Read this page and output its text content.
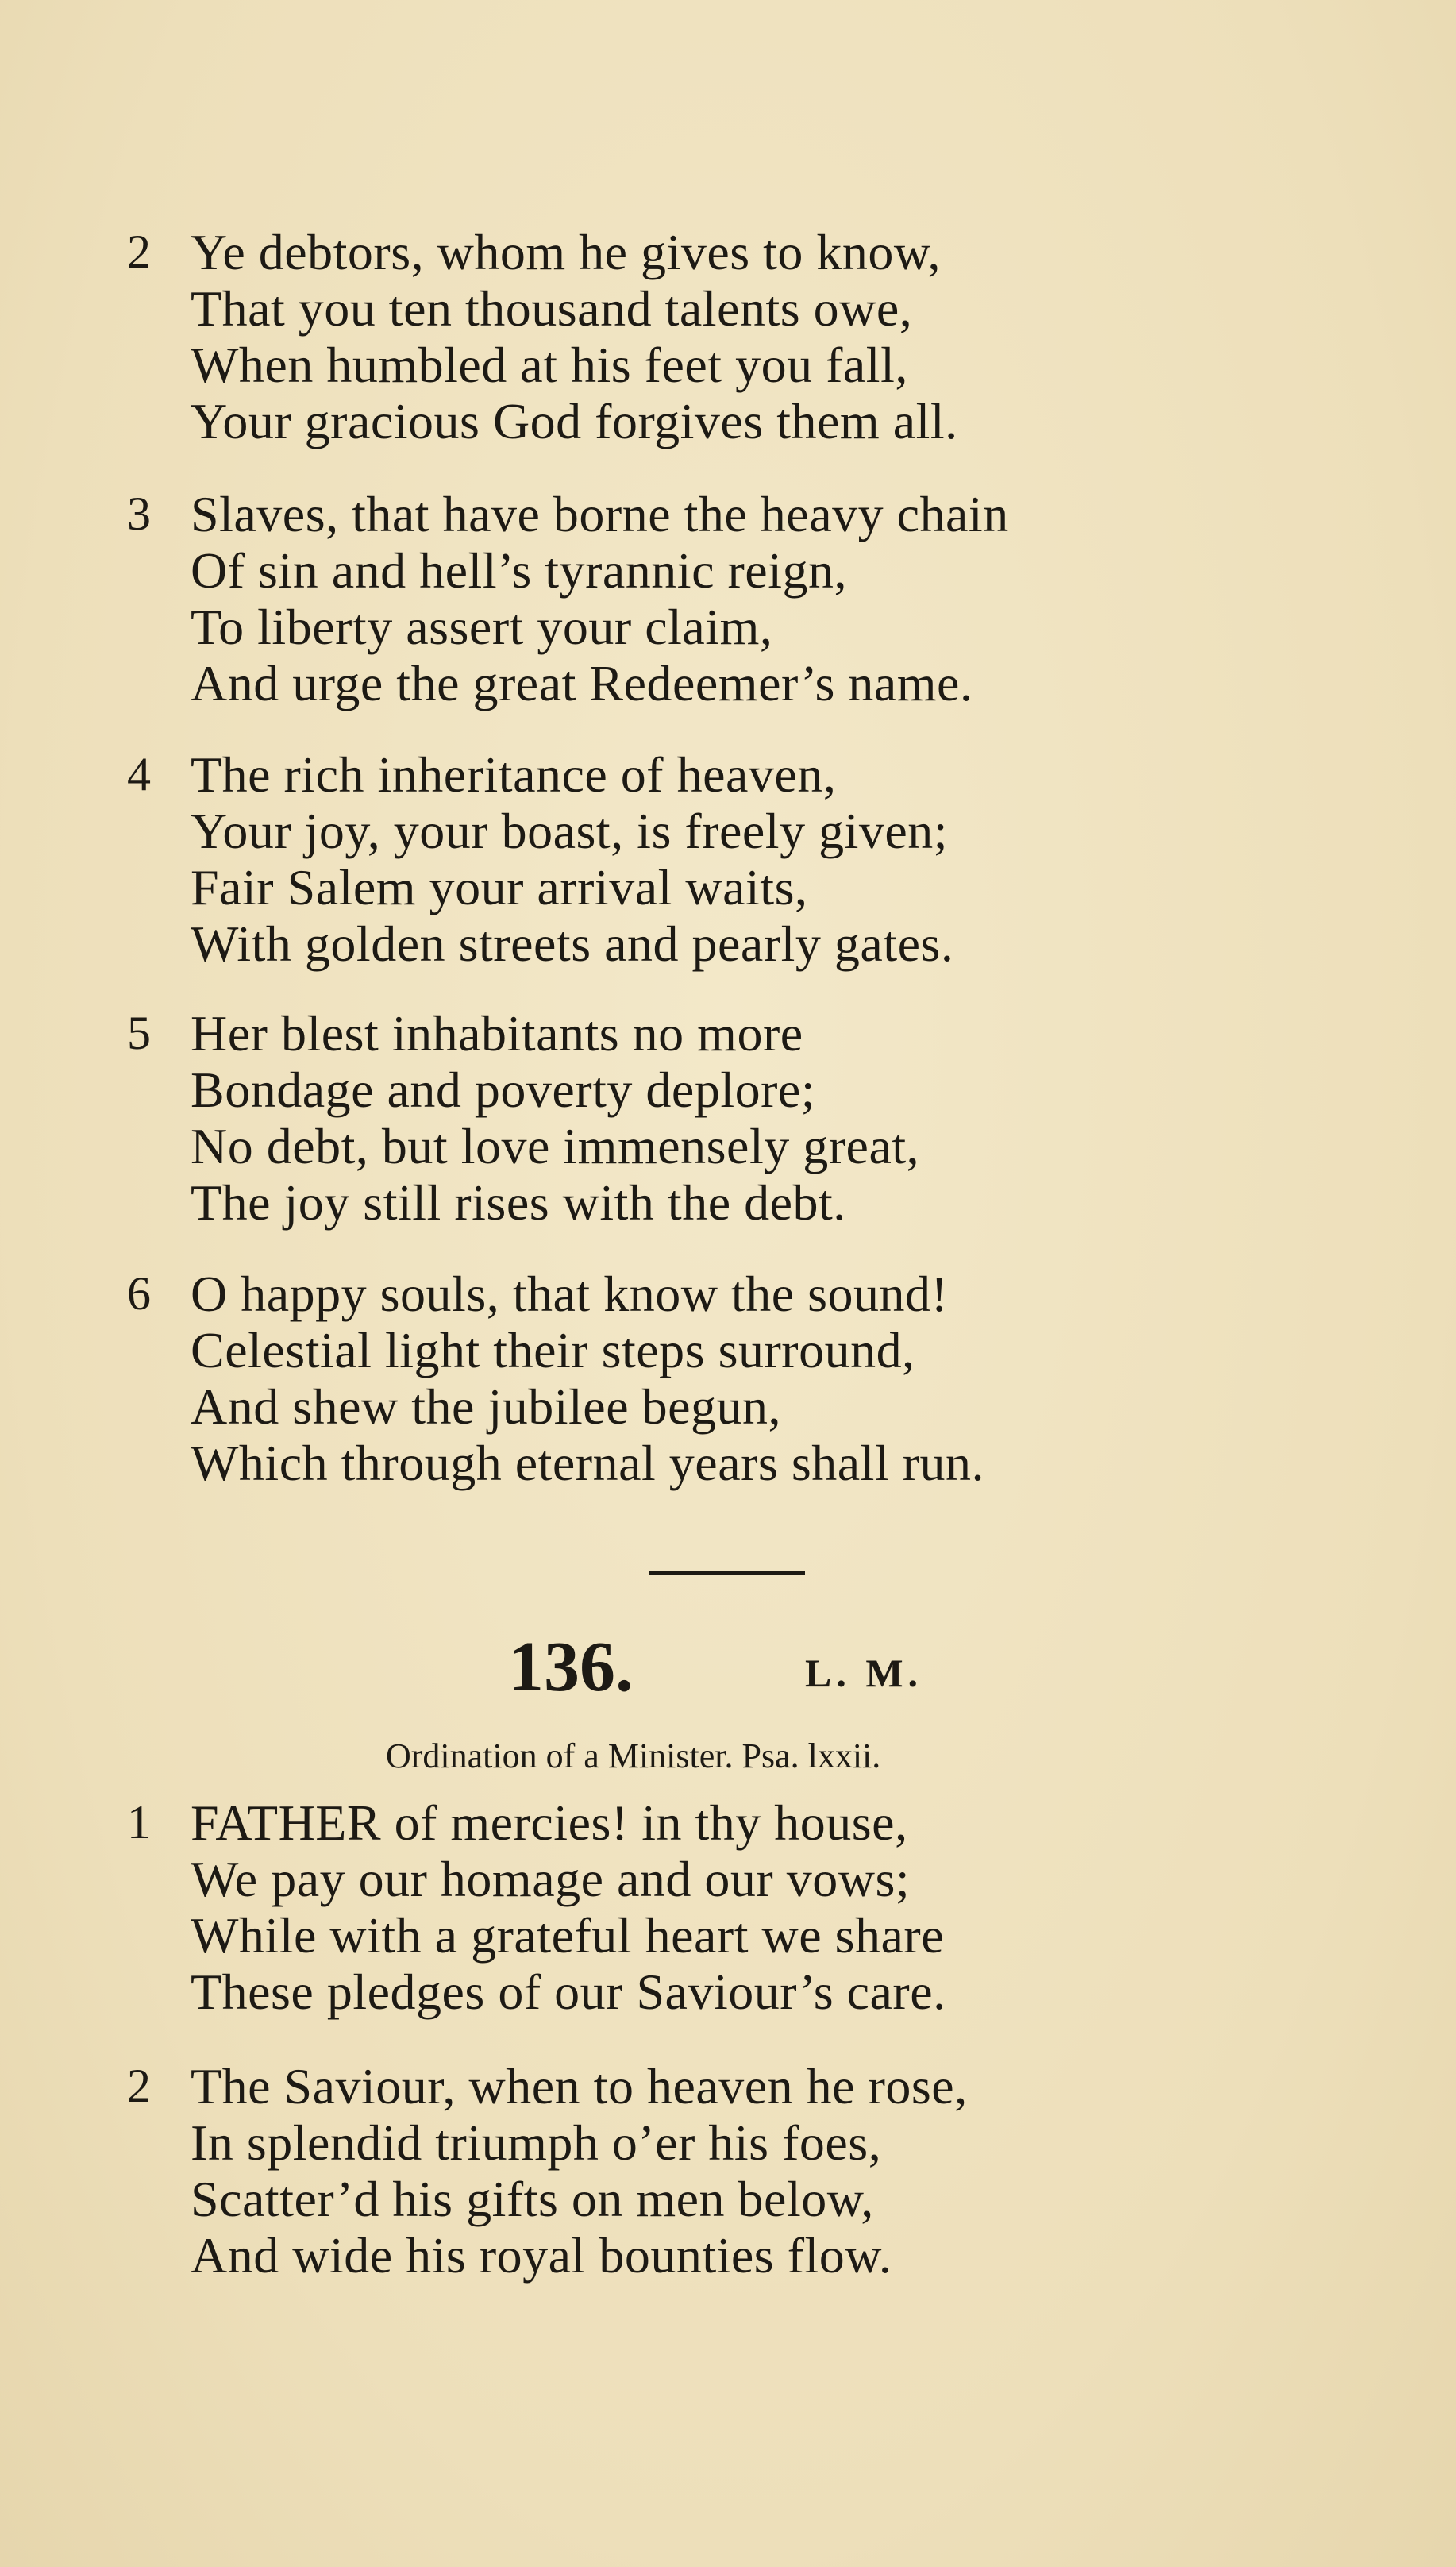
2 Ye debtors, whom he gives to know,
That you ten thousand talents owe,
When humbled at his feet you fall,
Your gracious God forgives them all.
3 Slaves, that have borne the heavy chain
Of sin and hell’s tyrannic reign,
To liberty assert your claim,
And urge the great Redeemer’s name.
4 The rich inheritance of heaven,
Your joy, your boast, is freely given;
Fair Salem your arrival waits,
With golden streets and pearly gates.
5 Her blest inhabitants no more
Bondage and poverty deplore;
No debt, but love immensely great,
The joy still rises with the debt.
6 O happy souls, that know the sound!
Celestial light their steps surround,
And shew the jubilee begun,
Which through eternal years shall run.
136.	L. M.
Ordination of a Minister. Psa. lxxii.
1 FATHER of mercies! in thy house,
We pay our homage and our vows;
While with a grateful heart we share
These pledges of our Saviour’s care.
2 The Saviour, when to heaven he rose,
In splendid triumph o’er his foes,
Scatter’d his gifts on men below,
And wide his royal bounties flow.
